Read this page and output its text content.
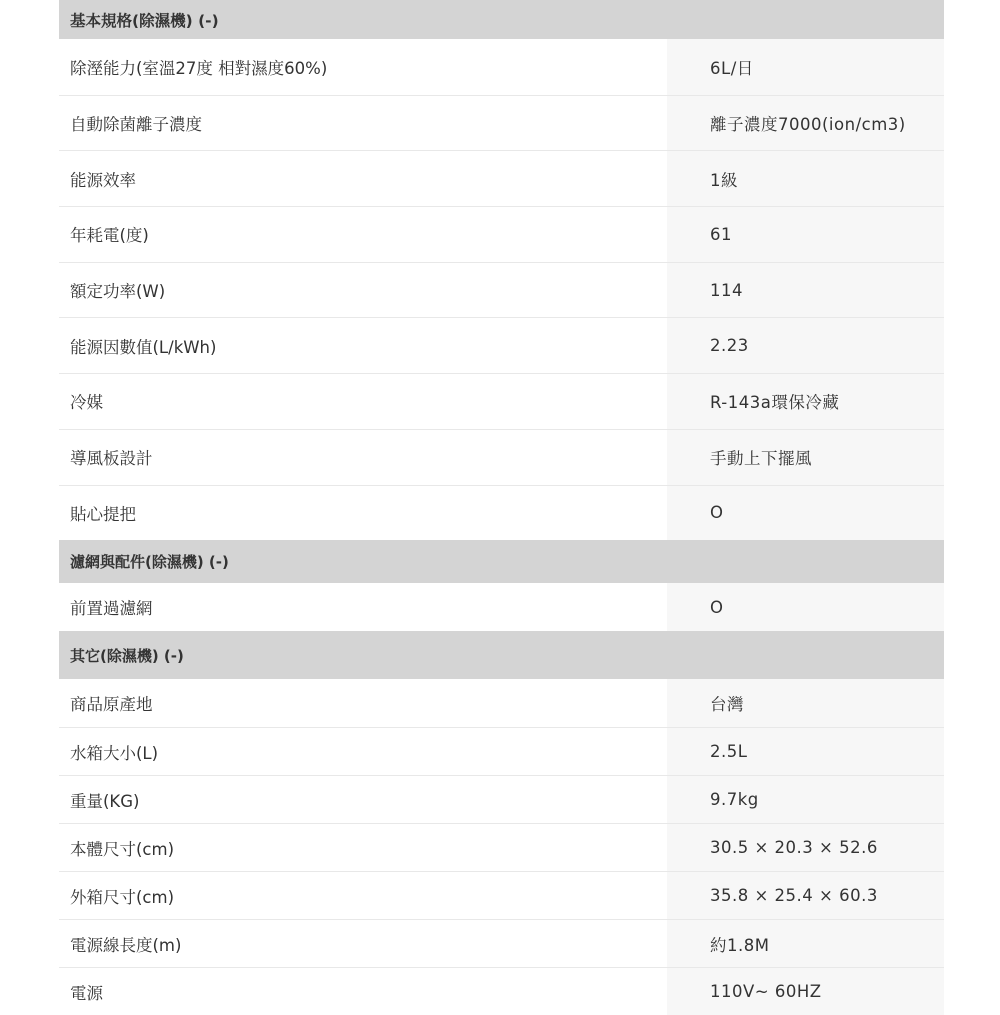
基本規格(除濕機) (-)
除溼能力(室溫27度 相對濕度60%)	6L/日
自動除菌離子濃度	離子濃度7000(ion/cm3)
能源效率	1級
年耗電(度)	61
額定功率(W)	114
能源因數值(L/kWh)	2.23
冷媒	R-143a環保冷藏
導風板設計	手動上下擺風
貼心提把	O
濾網與配件(除濕機) (-)
前置過濾網	O
其它(除濕機) (-)
商品原產地	台灣
水箱大小(L)	2.5L
重量(KG)	9.7kg
本體尺寸(cm)	30.5 × 20.3 × 52.6
外箱尺寸(cm)	35.8 × 25.4 × 60.3
電源線長度(m)	約1.8M
電源	110V~ 60HZ
